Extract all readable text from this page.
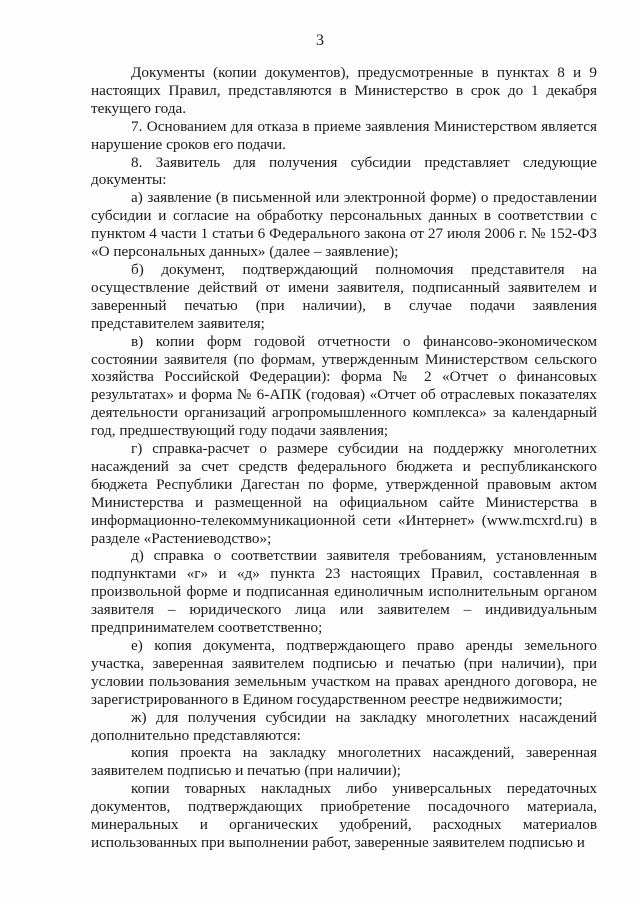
3

Документы (копии документов), предусмотренные в пунктах 8 и 9 настоящих Правил, представляются в Министерство в срок до 1 декабря текущего года.

7. Основанием для отказа в приеме заявления Министерством является нарушение сроков его подачи.

8. Заявитель для получения субсидии представляет следующие документы:

а) заявление (в письменной или электронной форме) о предоставлении субсидии и согласие на обработку персональных данных в соответствии с пунктом 4 части 1 статьи 6 Федерального закона от 27 июля 2006 г. № 152-ФЗ «О персональных данных» (далее – заявление);

б) документ, подтверждающий полномочия представителя на осуществление действий от имени заявителя, подписанный заявителем и заверенный печатью (при наличии), в случае подачи заявления представителем заявителя;

в) копии форм годовой отчетности о финансово-экономическом состоянии заявителя (по формам, утвержденным Министерством сельского хозяйства Российской Федерации): форма № 2 «Отчет о финансовых результатах» и форма № 6-АПК (годовая) «Отчет об отраслевых показателях деятельности организаций агропромышленного комплекса» за календарный год, предшествующий году подачи заявления;

г) справка-расчет о размере субсидии на поддержку многолетних насаждений за счет средств федерального бюджета и республиканского бюджета Республики Дагестан по форме, утвержденной правовым актом Министерства и размещенной на официальном сайте Министерства в информационно-телекоммуникационной сети «Интернет» (www.mcxrd.ru) в разделе «Растениеводство»;

д) справка о соответствии заявителя требованиям, установленным подпунктами «г» и «д» пункта 23 настоящих Правил, составленная в произвольной форме и подписанная единоличным исполнительным органом заявителя – юридического лица или заявителем – индивидуальным предпринимателем соответственно;

е) копия документа, подтверждающего право аренды земельного участка, заверенная заявителем подписью и печатью (при наличии), при условии пользования земельным участком на правах арендного договора, не зарегистрированного в Едином государственном реестре недвижимости;

ж) для получения субсидии на закладку многолетних насаждений дополнительно представляются:

копия проекта на закладку многолетних насаждений, заверенная заявителем подписью и печатью (при наличии);

копии товарных накладных либо универсальных передаточных документов, подтверждающих приобретение посадочного материала, минеральных и органических удобрений, расходных материалов использованных при выполнении работ, заверенные заявителем подписью и
